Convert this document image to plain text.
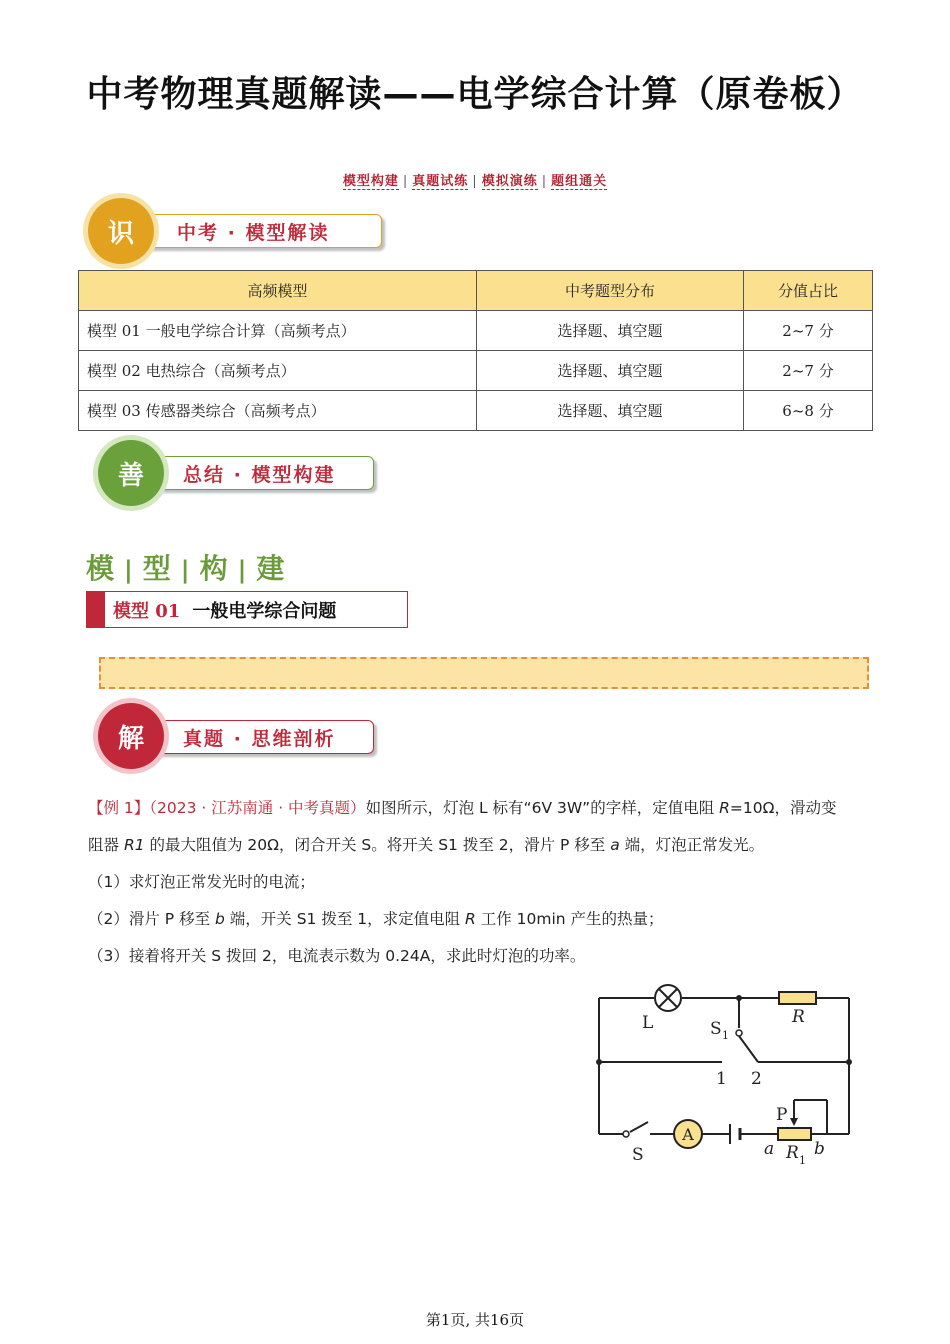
中考物理真题解读——电学综合计算（原卷板）
模型构建 | 真题试练 | 模拟演练 | 题组通关
中考 · 模型解读
识
高频模型	中考题型分布	分值占比
模型 01 一般电学综合计算（高频考点）	选择题、填空题	2~7 分
模型 02 电热综合（高频考点）	选择题、填空题	2~7 分
模型 03 传感器类综合（高频考点）	选择题、填空题	6~8 分
总结 · 模型构建
善
模 | 型 | 构 | 建
模型 01 一般电学综合问题
真题 · 思维剖析
解
【例 1】（2023 · 江苏南通 · 中考真题）如图所示，灯泡 L 标有“6V 3W”的字样，定值电阻 R=10Ω，滑动变
阻器 R1 的最大阻值为 20Ω，闭合开关 S。将开关 S1 拨至 2，滑片 P 移至 a 端，灯泡正常发光。
（1）求灯泡正常发光时的电流；
（2）滑片 P 移至 b 端，开关 S1 拨至 1，求定值电阻 R 工作 10min 产生的热量；
（3）接着将开关 S 拨回 2，电流表示数为 0.24A，求此时灯泡的功率。
A
L	S 1
R
1 2
P
S	a R 1
b
第1页, 共16页
